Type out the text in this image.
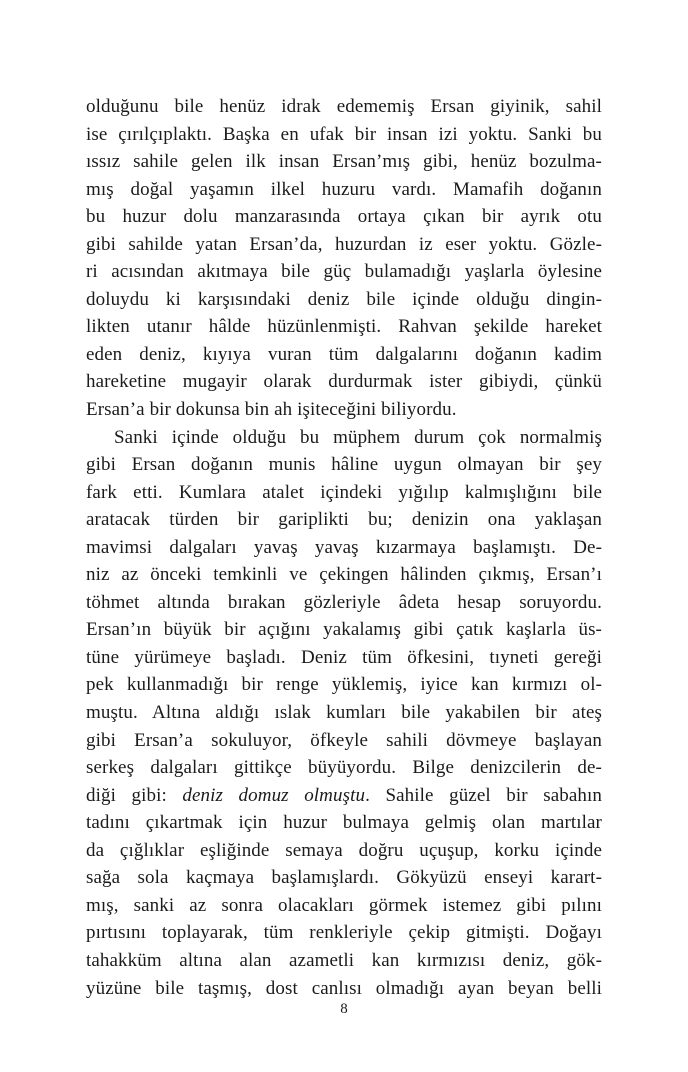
olduğunu bile henüz idrak edememiş Ersan giyinik, sahil
ise çırılçıplaktı. Başka en ufak bir insan izi yoktu. Sanki bu
ıssız sahile gelen ilk insan Ersan’mış gibi, henüz bozulma-
mış doğal yaşamın ilkel huzuru vardı. Mamafih doğanın
bu huzur dolu manzarasında ortaya çıkan bir ayrık otu
gibi sahilde yatan Ersan’da, huzurdan iz eser yoktu. Gözle-
ri acısından akıtmaya bile güç bulamadığı yaşlarla öylesine
doluydu ki karşısındaki deniz bile içinde olduğu dingin-
likten utanır hâlde hüzünlenmişti. Rahvan şekilde hareket
eden deniz, kıyıya vuran tüm dalgalarını doğanın kadim
hareketine mugayir olarak durdurmak ister gibiydi, çünkü
Ersan’a bir dokunsa bin ah işiteceğini biliyordu.
Sanki içinde olduğu bu müphem durum çok normalmiş
gibi Ersan doğanın munis hâline uygun olmayan bir şey
fark etti. Kumlara atalet içindeki yığılıp kalmışlığını bile
aratacak türden bir gariplikti bu; denizin ona yaklaşan
mavimsi dalgaları yavaş yavaş kızarmaya başlamıştı. De-
niz az önceki temkinli ve çekingen hâlinden çıkmış, Ersan’ı
töhmet altında bırakan gözleriyle âdeta hesap soruyordu.
Ersan’ın büyük bir açığını yakalamış gibi çatık kaşlarla üs-
tüne yürümeye başladı. Deniz tüm öfkesini, tıyneti gereği
pek kullanmadığı bir renge yüklemiş, iyice kan kırmızı ol-
muştu. Altına aldığı ıslak kumları bile yakabilen bir ateş
gibi Ersan’a sokuluyor, öfkeyle sahili dövmeye başlayan
serkeş dalgaları gittikçe büyüyordu. Bilge denizcilerin de-
diği gibi: deniz domuz olmuştu. Sahile güzel bir sabahın
tadını çıkartmak için huzur bulmaya gelmiş olan martılar
da çığlıklar eşliğinde semaya doğru uçuşup, korku içinde
sağa sola kaçmaya başlamışlardı. Gökyüzü enseyi karart-
mış, sanki az sonra olacakları görmek istemez gibi pılını
pırtısını toplayarak, tüm renkleriyle çekip gitmişti. Doğayı
tahakküm altına alan azametli kan kırmızısı deniz, gök-
yüzüne bile taşmış, dost canlısı olmadığı ayan beyan belli
8
